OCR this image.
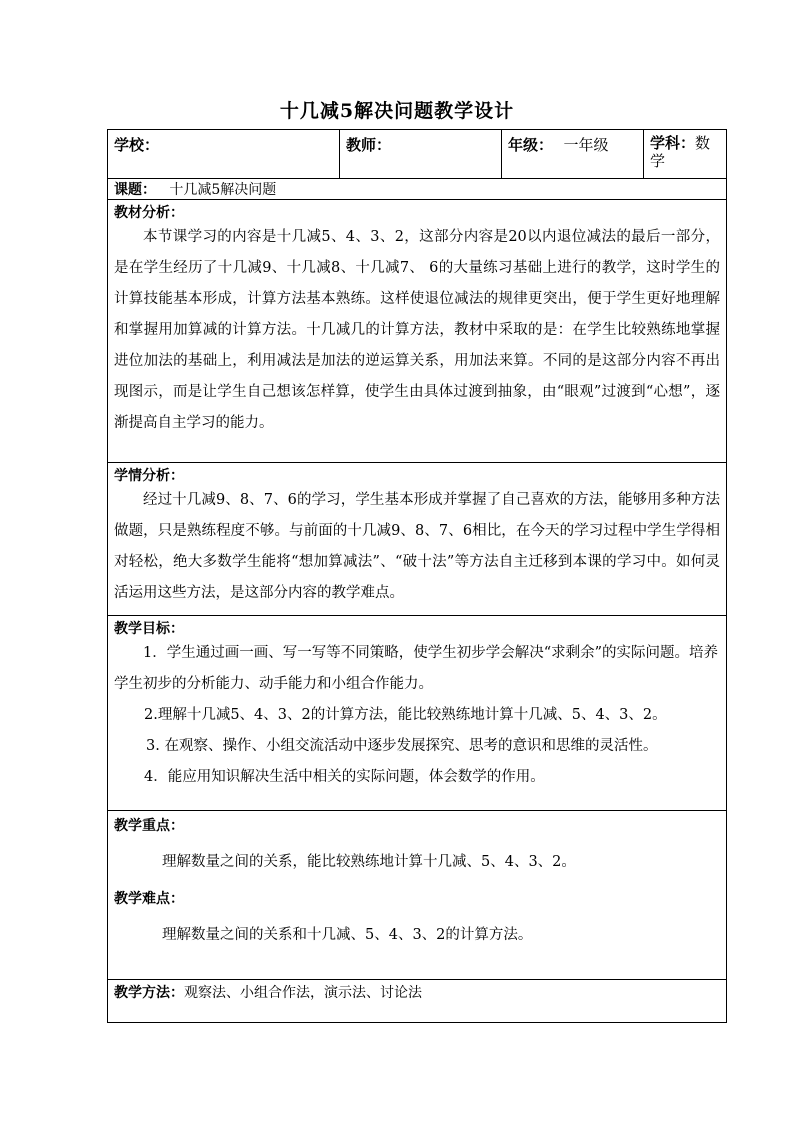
十几减5解决问题教学设计
学校：	教师：	年级： 一年级	学科：数学
课题： 十几减5解决问题

教材分析：

本节课学习的内容是十几减5、4、3、2，这部分内容是20以内退位减法的最后一部分，是在学生经历了十几减9、十几减8、十几减7、 6的大量练习基础上进行的教学，这时学生的计算技能基本形成，计算方法基本熟练。这样使退位减法的规律更突出，便于学生更好地理解和掌握用加算减的计算方法。十几减几的计算方法，教材中采取的是：在学生比较熟练地掌握进位加法的基础上，利用减法是加法的逆运算关系，用加法来算。不同的是这部分内容不再出现图示，而是让学生自己想该怎样算，使学生由具体过渡到抽象，由“眼观”过渡到“心想”，逐渐提高自主学习的能力。

学情分析：

经过十几减9、8、7、6的学习，学生基本形成并掌握了自己喜欢的方法，能够用多种方法做题，只是熟练程度不够。与前面的十几减9、8、7、6相比，在今天的学习过程中学生学得相对轻松，绝大多数学生能将“想加算减法”、“破十法”等方法自主迁移到本课的学习中。如何灵活运用这些方法，是这部分内容的教学难点。

教学目标：

1．学生通过画一画、写一写等不同策略，使学生初步学会解决“求剩余”的实际问题。培养学生初步的分析能力、动手能力和小组合作能力。

2.理解十几减5、4、3、2的计算方法，能比较熟练地计算十几减、5、4、3、2。

3. 在观察、操作、小组交流活动中逐步发展探究、思考的意识和思维的灵活性。

4．能应用知识解决生活中相关的实际问题，体会数学的作用。

教学重点：

理解数量之间的关系，能比较熟练地计算十几减、5、4、3、2。

教学难点：

理解数量之间的关系和十几减、5、4、3、2的计算方法。

教学方法：观察法、小组合作法，演示法、讨论法
